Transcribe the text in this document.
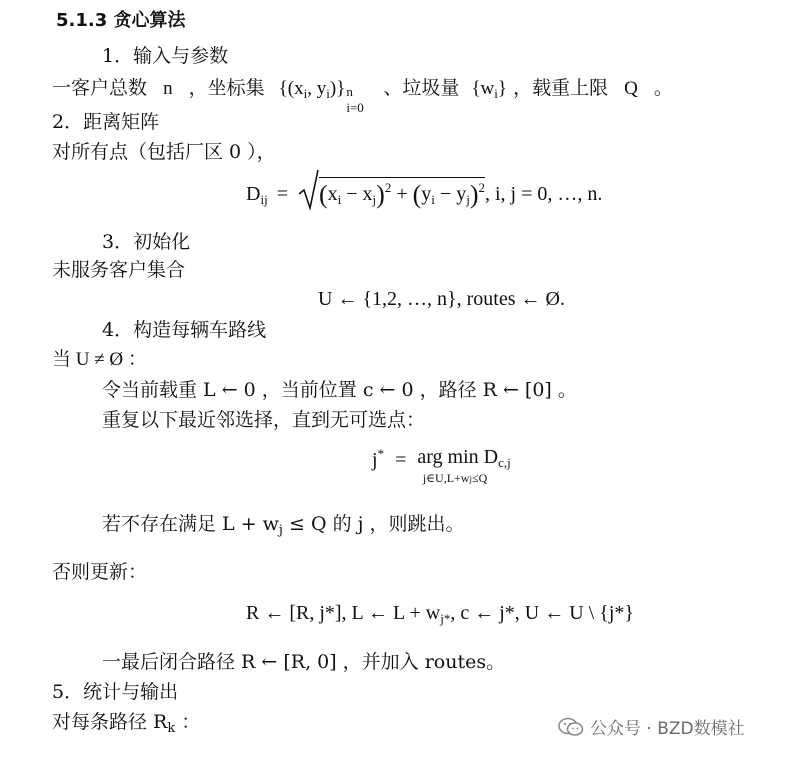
5.1.3 贪心算法
1．输入与参数
一客户总数 n ，坐标集 {($x_i$, $y_i$)} n
i=0
、垃圾量 $\{w_i\}$ ，载重上限 Q 。
2．距离矩阵
对所有点（包括厂区 0 ），
$D_{ij} = (x_i - x_j)^2 + (y_i - y_j)^2$, i, j = 0, …, n.
3．初始化
未服务客户集合
U ← {1,2, …, n}, routes ← Ø.
4．构造每辆车路线
当 U ≠ Ø ：
令当前载重 L ← 0 ，当前位置 c ← 0 ，路径 R ← [0] 。
重复以下最近邻选择，直到无可选点：
j* = arg $\min D_{c,j}$
j∈U,L+wj≤Q
若不存在满足 $L + w_j \le Q$ 的 j ，则跳出。
否则更新：
R ← [R, j*], L ← $L + w_{j*}$, c ← j*, U ← U \ {j*}
一最后闭合路径 R ← [R, 0] ，并加入 routes。
5．统计与输出
对每条路径 $R_k$ ：	公众号 · BZD数模社
